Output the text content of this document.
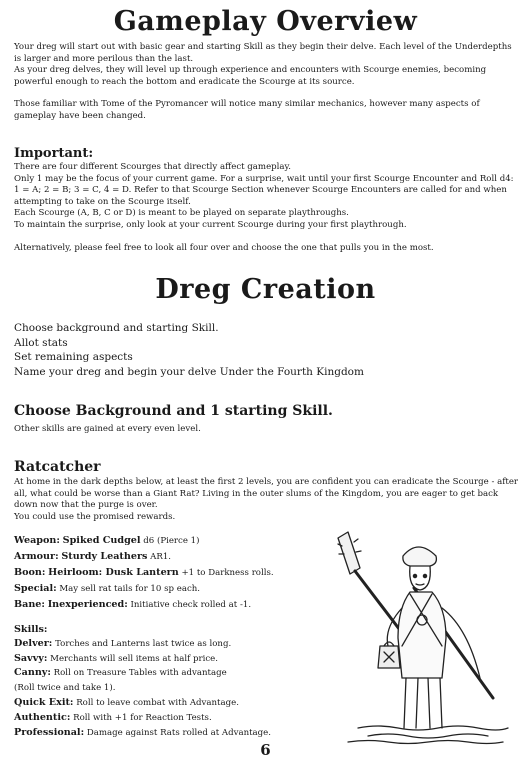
Gameplay Overview

Your dreg will start out with basic gear and starting Skill as they begin their delve. Each level of the Underdepths is larger and more perilous than the last.

As your dreg delves, they will level up through experience and encounters with Scourge enemies, becoming powerful enough to reach the bottom and eradicate the Scourge at its source.

Those familiar with Tome of the Pyromancer will notice many similar mechanics, however many aspects of gameplay have been changed.

Important:

There are four different Scourges that directly affect gameplay.

Only 1 may be the focus of your current game. For a surprise, wait until your first Scourge Encounter and Roll d4: 1 = A; 2 = B; 3 = C, 4 = D. Refer to that Scourge Section whenever Scourge Encounters are called for and when attempting to take on the Scourge itself.

Each Scourge (A, B, C or D) is meant to be played on separate playthroughs.

To maintain the surprise, only look at your current Scourge during your first playthrough.

Alternatively, please feel free to look all four over and choose the one that pulls you in the most.

Dreg Creation
Choose background and starting Skill.
Allot stats
Set remaining aspects
Name your dreg and begin your delve Under the Fourth Kingdom
Choose Background and 1 starting Skill.
Other skills are gained at every even level.
Ratcatcher

At home in the dark depths below, at least the first 2 levels, you are confident you can eradicate the Scourge - after all, what could be worse than a Giant Rat? Living in the outer slums of the Kingdom, you are eager to get back down now that the purge is over.

You could use the promised rewards.

Weapon: Spiked Cudgel d6 (Pierce 1)
Armour: Sturdy Leathers AR1.
Boon: Heirloom: Dusk Lantern +1 to Darkness rolls.
Special: May sell rat tails for 10 sp each.
Bane: Inexperienced: Initiative check rolled at -1.
Skills:
Delver: Torches and Lanterns last twice as long.
Savvy: Merchants will sell items at half price.
Canny: Roll on Treasure Tables with advantage
(Roll twice and take 1).
Quick Exit: Roll to leave combat with Advantage.
Authentic: Roll with +1 for Reaction Tests.
Professional: Damage against Rats rolled at Advantage.
6
